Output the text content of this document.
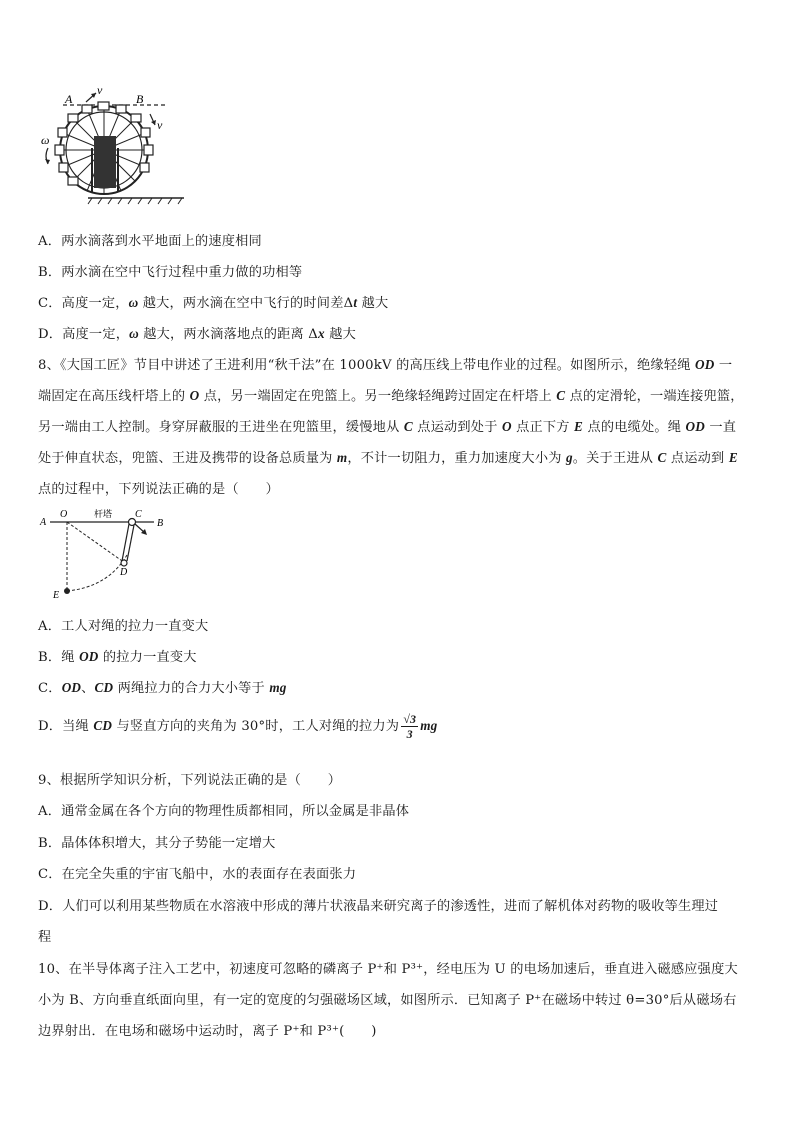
A	B
v
v
ω
A．两水滴落到水平地面上的速度相同
B．两水滴在空中飞行过程中重力做的功相等
C．高度一定，ω 越大，两水滴在空中飞行的时间差Δt 越大
D．高度一定，ω 越大，两水滴落地点的距离 Δx 越大
8、《大国工匠》节目中讲述了王进利用“秋千法”在 1000kV 的高压线上带电作业的过程。如图所示，绝缘轻绳 OD 一
端固定在高压线杆塔上的 O 点，另一端固定在兜篮上。另一绝缘轻绳跨过固定在杆塔上 C 点的定滑轮，一端连接兜篮，
另一端由工人控制。身穿屏蔽服的王进坐在兜篮里，缓慢地从 C 点运动到处于 O 点正下方 E 点的电缆处。绳 OD 一直
处于伸直状态，兜篮、王进及携带的设备总质量为 m，不计一切阻力，重力加速度大小为 g。关于王进从 C 点运动到 E
点的过程中，下列说法正确的是（　　）
杆塔
A
O	C
B
D
E
A．工人对绳的拉力一直变大
B．绳 OD 的拉力一直变大
C．OD、CD 两绳拉力的合力大小等于 mg
D．当绳 CD 与竖直方向的夹角为 30°时，工人对绳的拉力为 $\frac{√3}{3}$ mg
9、根据所学知识分析，下列说法正确的是（　　）
A．通常金属在各个方向的物理性质都相同，所以金属是非晶体
B．晶体体积增大，其分子势能一定增大
C．在完全失重的宇宙飞船中，水的表面存在表面张力
D．人们可以利用某些物质在水溶液中形成的薄片状液晶来研究离子的渗透性，进而了解机体对药物的吸收等生理过
程
10、在半导体离子注入工艺中，初速度可忽略的磷离子 P⁺和 P³⁺，经电压为 U 的电场加速后，垂直进入磁感应强度大
小为 B、方向垂直纸面向里，有一定的宽度的匀强磁场区域，如图所示．已知离子 P⁺在磁场中转过 θ=30°后从磁场右
边界射出．在电场和磁场中运动时，离子 P⁺和 P³⁺(　　)
